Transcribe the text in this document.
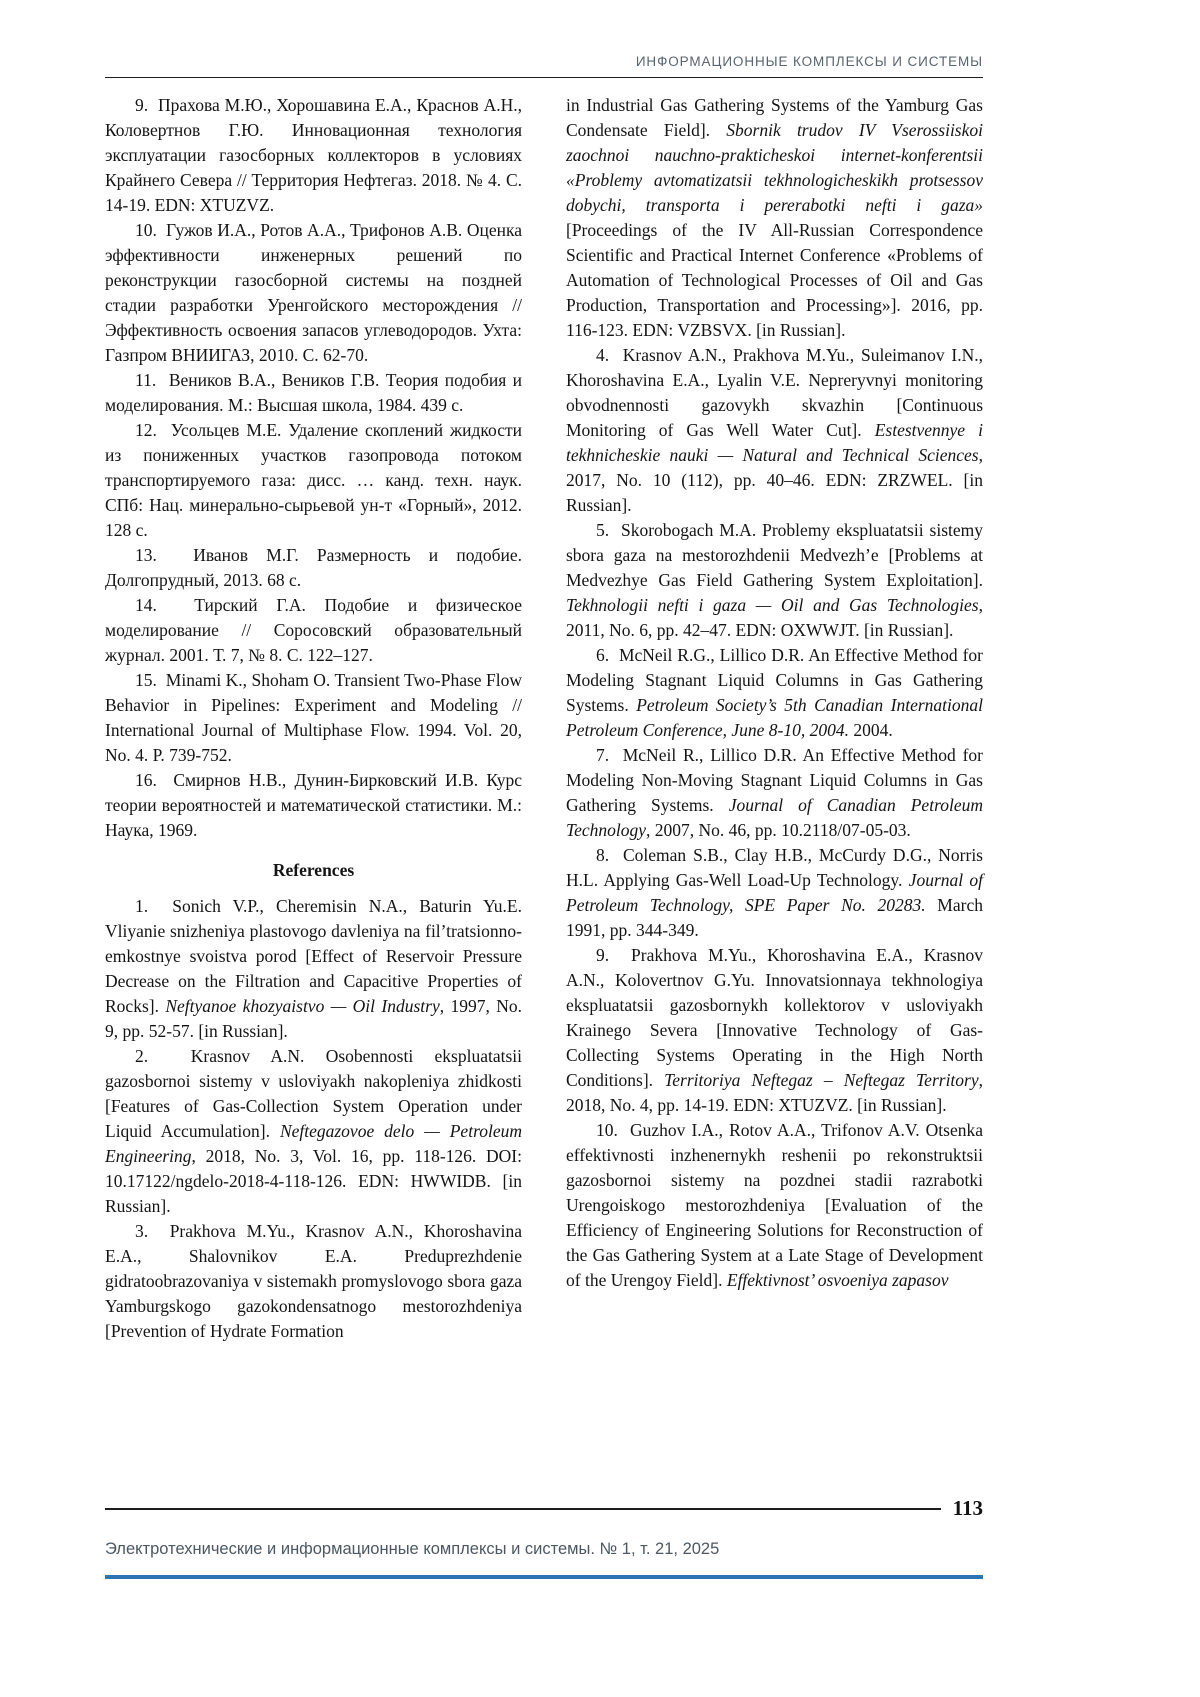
ИНФОРМАЦИОННЫЕ КОМПЛЕКСЫ И СИСТЕМЫ

9.  Прахова М.Ю., Хорошавина Е.А., Краснов А.Н., Коловертнов Г.Ю. Инновационная технология эксплуатации газосборных коллекторов в условиях Крайнего Севера // Территория Нефтегаз. 2018. № 4. С. 14-19. EDN: XTUZVZ.

10.  Гужов И.А., Ротов А.А., Трифонов А.В. Оценка эффективности инженерных решений по реконструкции газосборной системы на поздней стадии разработки Уренгойского месторождения // Эффективность освоения запасов углеводородов. Ухта: Газпром ВНИИГАЗ, 2010. С. 62-70.

11.  Веников В.А., Веников Г.В. Теория подобия и моделирования. М.: Высшая школа, 1984. 439 с.

12.  Усольцев М.Е. Удаление скоплений жидкости из пониженных участков газопровода потоком транспортируемого газа: дисс. … канд. техн. наук. СПб: Нац. минерально-сырьевой ун-т «Горный», 2012. 128 с.

13.  Иванов М.Г. Размерность и подобие. Долгопрудный, 2013. 68 с.

14.  Тирский Г.А. Подобие и физическое моделирование // Соросовский образовательный журнал. 2001. Т. 7, № 8. С. 122–127.

15.  Minami K., Shoham O. Transient Two-Phase Flow Behavior in Pipelines: Experiment and Modeling // International Journal of Multiphase Flow. 1994. Vol. 20, No. 4. P. 739-752.

16.  Смирнов Н.В., Дунин-Бирковский И.В. Курс теории вероятностей и математической статистики. М.: Наука, 1969.

References

1.  Sonich V.P., Cheremisin N.A., Baturin Yu.E. Vliyanie snizheniya plastovogo davleniya na fil’tratsionno-emkostnye svoistva porod [Effect of Reservoir Pressure Decrease on the Filtration and Capacitive Properties of Rocks]. Neftyanoe khozyaistvo — Oil Industry, 1997, No. 9, pp. 52-57. [in Russian].

2.  Krasnov A.N. Osobennosti ekspluatatsii gazosbornoi sistemy v usloviyakh nakopleniya zhidkosti [Features of Gas-Collection System Operation under Liquid Accumulation]. Neftegazovoe delo — Petroleum Engineering, 2018, No. 3, Vol. 16, pp. 118-126. DOI: 10.17122/ngdelo-2018-4-118-126. EDN: HWWIDB. [in Russian].

3.  Prakhova M.Yu., Krasnov A.N., Khoroshavina E.A., Shalovnikov E.A. Preduprezhdenie gidratoobrazovaniya v sistemakh promyslovogo sbora gaza Yamburgskogo gazokondensatnogo mestorozhdeniya [Prevention of Hydrate Formation

in Industrial Gas Gathering Systems of the Yamburg Gas Condensate Field]. Sbornik trudov IV Vserossiiskoi zaochnoi nauchno-prakticheskoi internet-konferentsii «Problemy avtomatizatsii tekhnologicheskikh protsessov dobychi, transporta i pererabotki nefti i gaza» [Proceedings of the IV All-Russian Correspondence Scientific and Practical Internet Conference «Problems of Automation of Technological Processes of Oil and Gas Production, Transportation and Processing»]. 2016, pp. 116-123. EDN: VZBSVX. [in Russian].

4.  Krasnov A.N., Prakhova M.Yu., Suleimanov I.N., Khoroshavina E.A., Lyalin V.E. Nepreryvnyi monitoring obvodnennosti gazovykh skvazhin [Continuous Monitoring of Gas Well Water Cut]. Estestvennye i tekhnicheskie nauki — Natural and Technical Sciences, 2017, No. 10 (112), pp. 40–46. EDN: ZRZWEL. [in Russian].

5.  Skorobogach M.A. Problemy ekspluatatsii sistemy sbora gaza na mestorozhdenii Medvezh’e [Problems at Medvezhye Gas Field Gathering System Exploitation]. Tekhnologii nefti i gaza — Oil and Gas Technologies, 2011, No. 6, pp. 42–47. EDN: OXWWJT. [in Russian].

6.  McNeil R.G., Lillico D.R. An Effective Method for Modeling Stagnant Liquid Columns in Gas Gathering Systems. Petroleum Society’s 5th Canadian International Petroleum Conference, June 8-10, 2004. 2004.

7.  McNeil R., Lillico D.R. An Effective Method for Modeling Non-Moving Stagnant Liquid Columns in Gas Gathering Systems. Journal of Canadian Petroleum Technology, 2007, No. 46, pp. 10.2118/07-05-03.

8.  Coleman S.B., Clay H.B., McCurdy D.G., Norris H.L. Applying Gas-Well Load-Up Technology. Journal of Petroleum Technology, SPE Paper No. 20283. March 1991, pp. 344-349.

9.  Prakhova M.Yu., Khoroshavina E.A., Krasnov A.N., Kolovertnov G.Yu. Innovatsionnaya tekhnologiya ekspluatatsii gazosbornykh kollektorov v usloviyakh Krainego Severa [Innovative Technology of Gas-Collecting Systems Operating in the High North Conditions]. Territoriya Neftegaz – Neftegaz Territory, 2018, No. 4, pp. 14-19. EDN: XTUZVZ. [in Russian].

10.  Guzhov I.A., Rotov A.A., Trifonov A.V. Otsenka effektivnosti inzhenernykh reshenii po rekonstruktsii gazosbornoi sistemy na pozdnei stadii razrabotki Urengoiskogo mestorozhdeniya [Evaluation of the Efficiency of Engineering Solutions for Reconstruction of the Gas Gathering System at a Late Stage of Development of the Urengoy Field]. Effektivnost’ osvoeniya zapasov

113
Электротехнические и информационные комплексы и системы. № 1, т. 21, 2025
